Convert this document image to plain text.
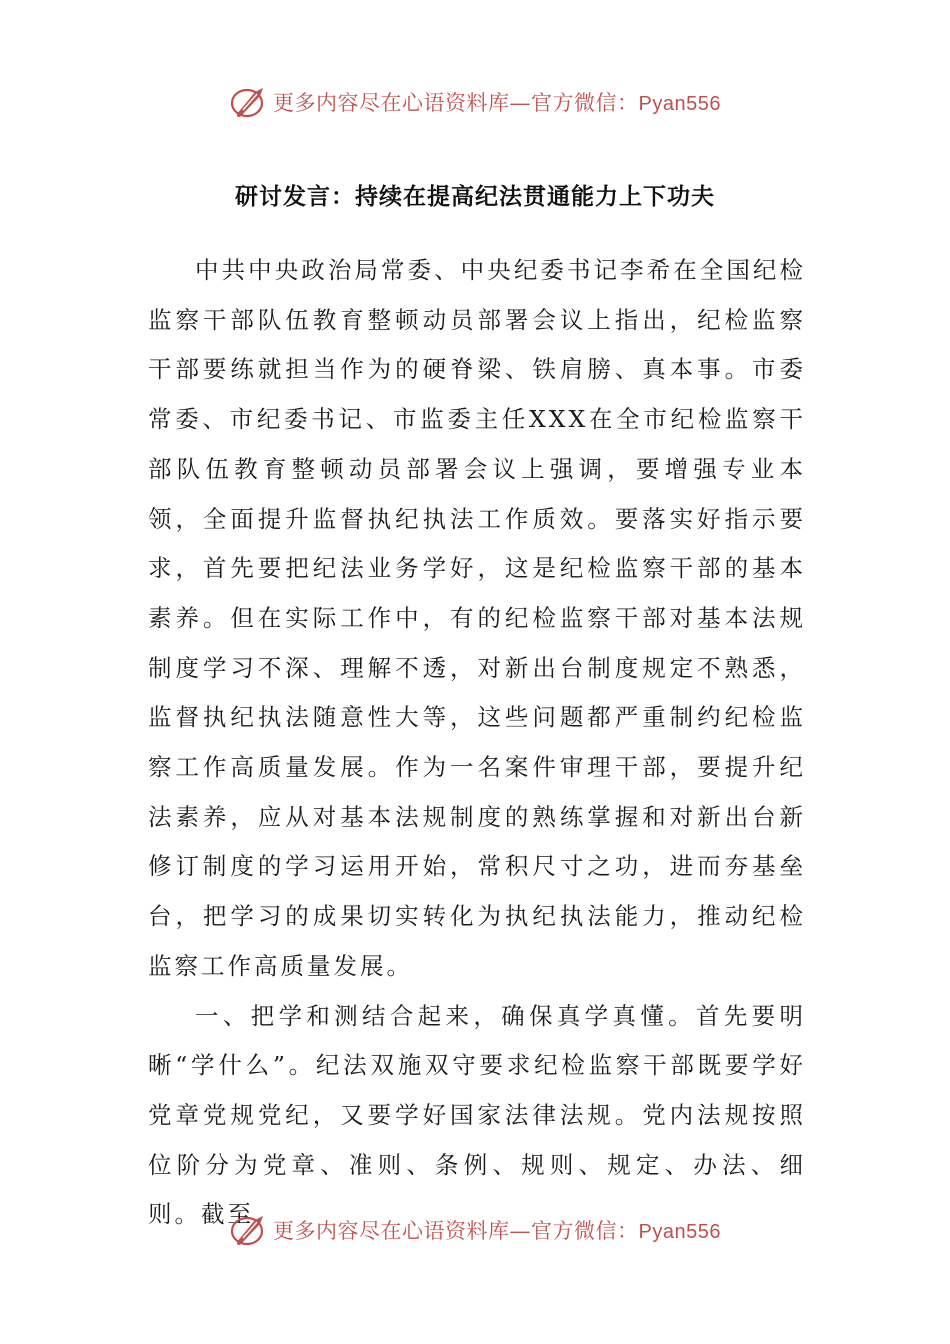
更多内容尽在心语资料库—官方微信：Pyan556
研讨发言：持续在提高纪法贯通能力上下功夫

中共中央政治局常委、中央纪委书记李希在全国纪检监察干部队伍教育整顿动员部署会议上指出，纪检监察干部要练就担当作为的硬脊梁、铁肩膀、真本事。市委常委、市纪委书记、市监委主任XXX在全市纪检监察干部队伍教育整顿动员部署会议上强调，要增强专业本领，全面提升监督执纪执法工作质效。要落实好指示要求，首先要把纪法业务学好，这是纪检监察干部的基本素养。但在实际工作中，有的纪检监察干部对基本法规制度学习不深、理解不透，对新出台制度规定不熟悉，监督执纪执法随意性大等，这些问题都严重制约纪检监察工作高质量发展。作为一名案件审理干部，要提升纪法素养，应从对基本法规制度的熟练掌握和对新出台新修订制度的学习运用开始，常积尺寸之功，进而夯基垒台，把学习的成果切实转化为执纪执法能力，推动纪检监察工作高质量发展。

一、把学和测结合起来，确保真学真懂。首先要明晰“学什么”。纪法双施双守要求纪检监察干部既要学好党章党规党纪，又要学好国家法律法规。党内法规按照位阶分为党章、准则、条例、规则、规定、办法、细则。截至

更多内容尽在心语资料库—官方微信：Pyan556
